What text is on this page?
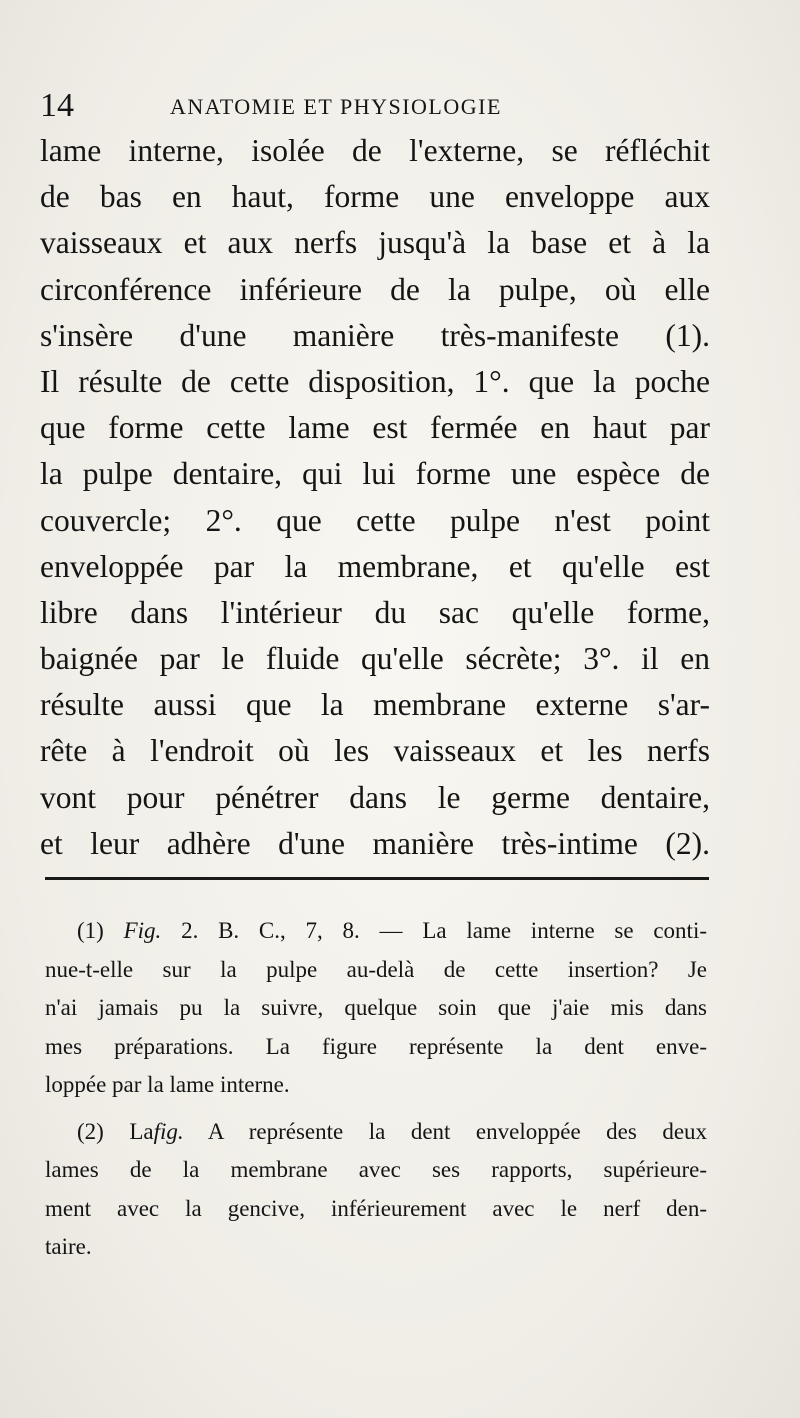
14	ANATOMIE ET PHYSIOLOGIE
lame interne, isolée de l'externe, se réfléchit
de bas en haut, forme une enveloppe aux
vaisseaux et aux nerfs jusqu'à la base et à la
circonférence inférieure de la pulpe, où elle
s'insère d'une manière très-manifeste (1).
Il résulte de cette disposition, 1°. que la poche
que forme cette lame est fermée en haut par
la pulpe dentaire, qui lui forme une espèce de
couvercle; 2°. que cette pulpe n'est point
enveloppée par la membrane, et qu'elle est
libre dans l'intérieur du sac qu'elle forme,
baignée par le fluide qu'elle sécrète; 3°. il en
résulte aussi que la membrane externe s'ar-
rête à l'endroit où les vaisseaux et les nerfs
vont pour pénétrer dans le germe dentaire,
et leur adhère d'une manière très-intime (2).
(1) Fig. 2. B. C., 7, 8. — La lame interne se conti-
nue-t-elle sur la pulpe au-delà de cette insertion? Je
n'ai jamais pu la suivre, quelque soin que j'aie mis dans
mes préparations. La figure représente la dent enve-
loppée par la lame interne.
(2) Lafig. A représente la dent enveloppée des deux
lames de la membrane avec ses rapports, supérieure-
ment avec la gencive, inférieurement avec le nerf den-
taire.
